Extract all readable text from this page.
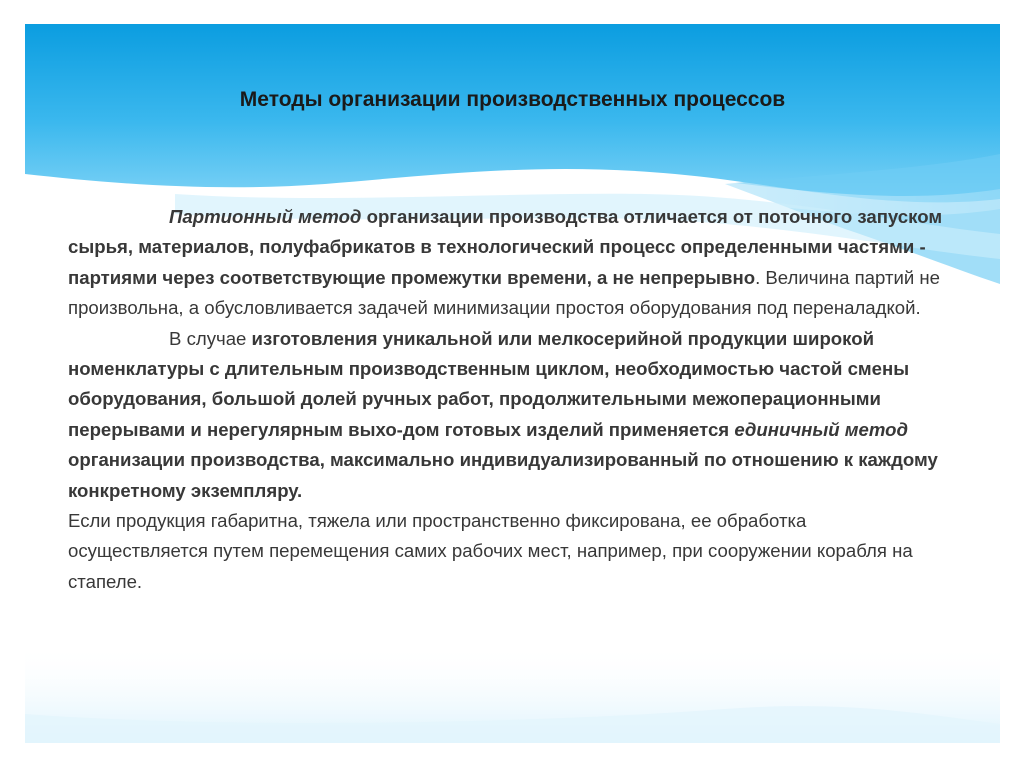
Методы организации производственных процессов

Партионный метод организации производства отличается от поточного запуском сырья, материалов, полуфабрикатов в технологический процесс определенными частями - партиями через соответствующие промежутки времени, а не непрерывно. Величина партий не произвольна, а обусловливается задачей минимизации простоя оборудования под переналадкой.

В случае изготовления уникальной или мелкосерийной продукции широкой номенклатуры с длительным производственным циклом, необходимостью частой смены оборудования, большой долей ручных работ, продолжительными межоперационными перерывами и нерегулярным выхо-дом готовых изделий применяется единичный метод организации производства, максимально индивидуализированный по отношению к каждому конкретному экземпляру.

Если продукция габаритна, тяжела или пространственно фиксирована, ее обработка осуществляется путем перемещения самих рабочих мест, например, при сооружении корабля на стапеле.
